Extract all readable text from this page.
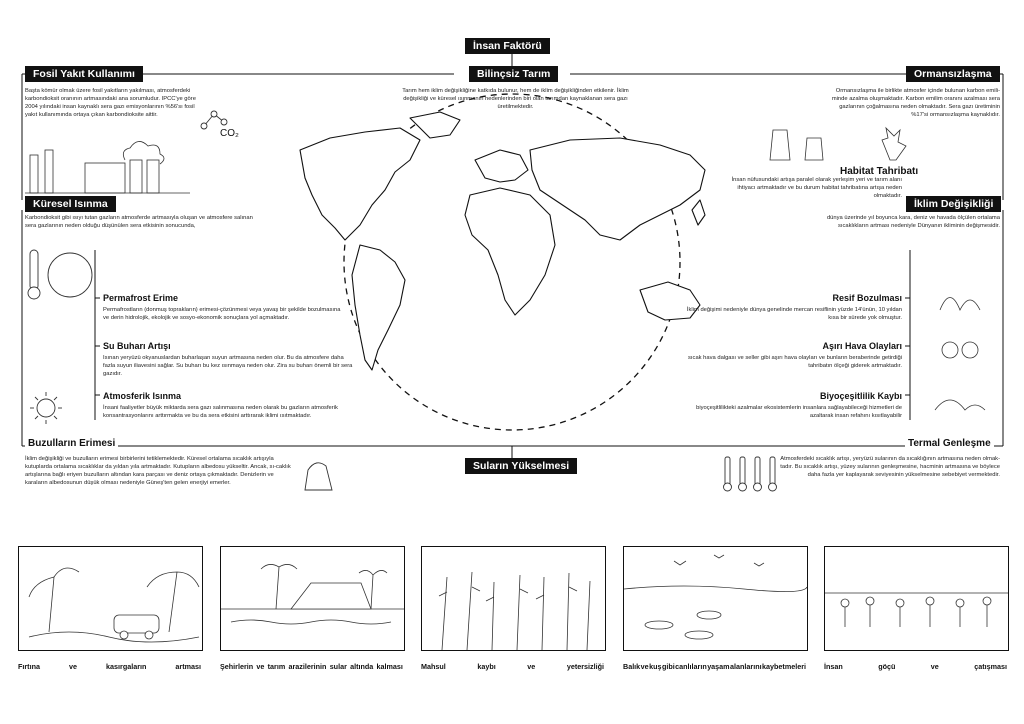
İnsan Faktörü
Bilinçsiz Tarım
Tarım hem iklim değişikliğine katkıda bulunur, hem de iklim değişikliğinden etkilenir. İklim değişikliği ve küresel ısınmanın nedenlerinden biri olan tarımdan kaynaklanan sera gazı üretilmektedir.
Fosil Yakıt Kullanımı
Başta kömür olmak üzere fosil yakıtların yakılması, atmosferdeki karbondioksit oranının artmasındaki ana sorumludur. IPCC'ye göre 2004 yılındaki insan kaynaklı sera gazı emisyonlarının %56'sı fosil yakıt kullanımında ortaya çıkan karbondioksite aittir.
CO₂
Ormansızlaşma
Ormansızlaşma ile birlikte atmosfer içinde bulunan karbon emili-minde azalma oluşmaktadır. Karbon emilim oranını azalması sera gazlarının çoğalmasına neden olmaktadır. Sera gazı üretiminin %17'si ormansızlaşma kaynaklıdır.
Habitat Tahribatı
İnsan nüfusundaki artışa paralel olarak yerleşim yeri ve tarım alanı ihtiyacı artmaktadır ve bu durum habitat tahribatına artışa neden olmaktadır.
Küresel Isınma
Karbondioksit gibi ısıyı tutan gazların atmosferde artmasıyla oluşan ve atmosfere salınan sera gazlarının neden olduğu düşünülen sera etkisinin sonucunda,
İklim Değişikliği
dünya üzerinde yıl boyunca kara, deniz ve havada ölçülen ortalama sıcaklıkların artması nedeniyle Dünyanın ikliminin değişmesidir.
Permafrost Erime
Permafrostların (donmuş toprakların) erimesi-çözünmesi veya yavaş bir şekilde bozulmasına ve derin hidrolojik, ekolojik ve sosyo-ekonomik sonuçlara yol açmaktadır.
Su Buharı Artışı
Isınan yeryüzü okyanuslardan buharlaşan suyun artmasına neden olur. Bu da atmosfere daha fazla suyun iliavesini sağlar. Su buharı bu kez ısınmaya neden olur. Zira su buharı önemli bir sera gazıdır.
Atmosferik Isınma
İnsani faaliyetler büyük miktarda sera gazı salınmasına neden olarak bu gazların atmosferik konsantrasyonlarını arttırmakta ve bu da sera etkisini arttırarak iklimi ısıtmaktadır.
Resif Bozulması
İklim değişimi nedeniyle dünya genelinde mercan resiflinin yüzde 14'ünün, 10 yıldan kısa bir sürede yok olmuştur.
Aşırı Hava Olayları
sıcak hava dalgası ve seller gibi aşırı hava olayları ve bunların beraberinde getirdiği tahribatın ölçeği giderek artmaktadır.
Biyoçeşitlilik Kaybı
biyoçeşitlilikteki azalmalar ekosistemlerin insanlara sağlayabileceği hizmetleri de azaltarak insan refahını kısıtlayabilir
Buzulların Erimesi
İklim değişikliği ve buzulların erimesi birbirlerini tetiklemektedir. Küresel ortalama sıcaklık artışıyla kutuplarda ortalama sıcaklıklar da yıldan yıla artmaktadır. Kutupların albedosu yükseltir. Ancak, sı-caklık artışlarına bağlı eriyen buzulların altından kara parçası ve deniz ortaya çıkmaktadır. Denizlerin ve karaların albedosunun düşük olması nedeniyle Güneş'ten gelen enerjiyi emerler.
Termal Genleşme
Atmosferdeki sıcaklık artışı, yeryüzü sularının da sıcaklığının artmasına neden olmak-tadır. Bu sıcaklık artışı, yüzey sularının genleşmesine, hacminin artmasına ve böylece daha fazla yer kaplayarak seviyesinin yükselmesine sebebiyet vermektedir.
Suların Yükselmesi
Fırtına	ve	kasırgaların	artması	Şehirlerin ve tarım arazilerinin sular altında kalması	Mahsul	kaybı	ve	yetersizliği	Balık ve kuş gibi canlıların yaşam alanlarını kaybetmeleri	İnsan	göçü	ve	çatışması
